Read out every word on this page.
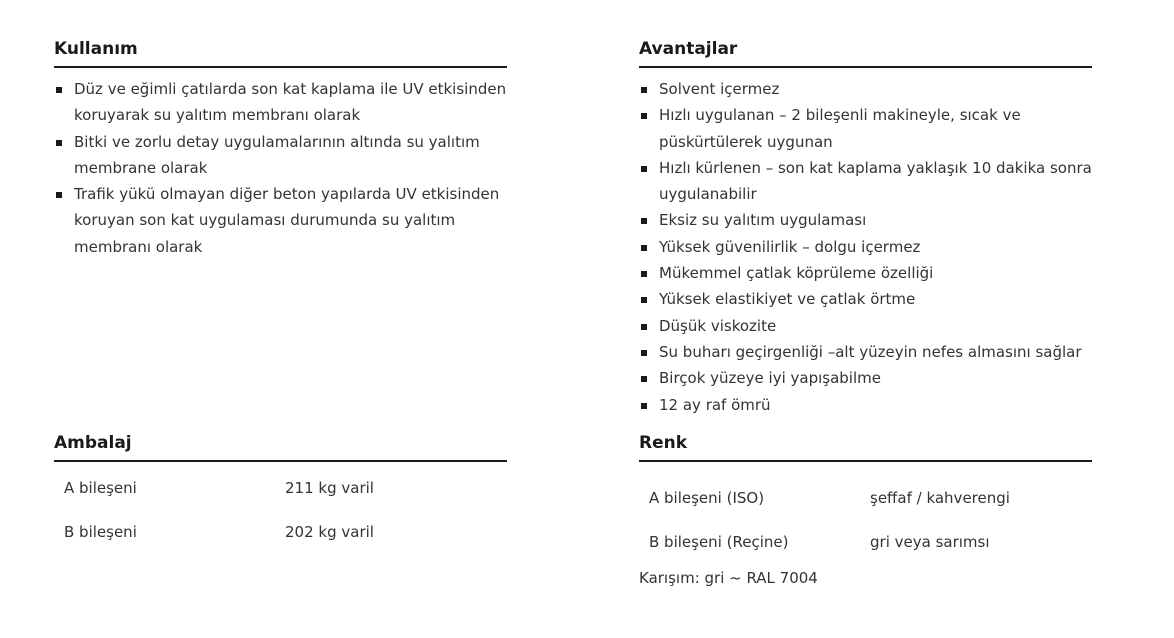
Kullanım
Düz ve eğimli çatılarda son kat kaplama ile UV etkisinden koruyarak su yalıtım membranı olarak
Bitki ve zorlu detay uygulamalarının altında su yalıtım membrane olarak
Trafik yükü olmayan diğer beton yapılarda UV etkisinden koruyan son kat uygulaması durumunda su yalıtım membranı olarak
Avantajlar
Solvent içermez
Hızlı uygulanan – 2 bileşenli makineyle, sıcak ve püskürtülerek uygunan
Hızlı kürlenen – son kat kaplama yaklaşık 10 dakika sonra uygulanabilir
Eksiz su yalıtım uygulaması
Yüksek güvenilirlik – dolgu içermez
Mükemmel çatlak köprüleme özelliği
Yüksek elastikiyet ve çatlak örtme
Düşük viskozite
Su buharı geçirgenliği –alt yüzeyin nefes almasını sağlar
Birçok yüzeye iyi yapışabilme
12 ay raf ömrü
Ambalaj
A bileşeni	211 kg varil
B bileşeni	202 kg varil
Renk
A bileşeni (ISO)	şeffaf / kahverengi
B bileşeni (Reçine)	gri veya sarımsı
Karışım: gri ~ RAL 7004
